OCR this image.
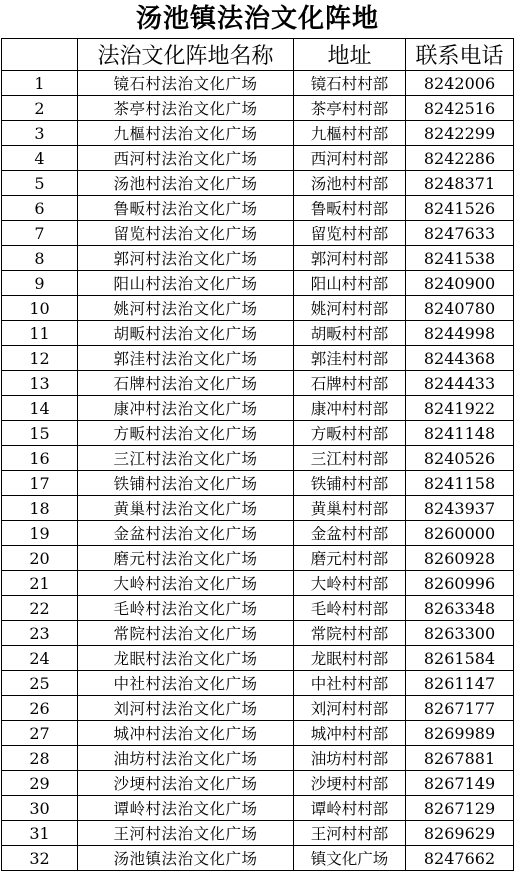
汤池镇法治文化阵地
	法治文化阵地名称	地址	联系电话
1	镜石村法治文化广场	镜石村村部	8242006
2	茶亭村法治文化广场	茶亭村村部	8242516
3	九樞村法治文化广场	九樞村村部	8242299
4	西河村法治文化广场	西河村村部	8242286
5	汤池村法治文化广场	汤池村村部	8248371
6	鲁畈村法治文化广场	鲁畈村村部	8241526
7	留览村法治文化广场	留览村村部	8247633
8	郭河村法治文化广场	郭河村村部	8241538
9	阳山村法治文化广场	阳山村村部	8240900
10	姚河村法治文化广场	姚河村村部	8240780
11	胡畈村法治文化广场	胡畈村村部	8244998
12	郭洼村法治文化广场	郭洼村村部	8244368
13	石牌村法治文化广场	石牌村村部	8244433
14	康冲村法治文化广场	康冲村村部	8241922
15	方畈村法治文化广场	方畈村村部	8241148
16	三江村法治文化广场	三江村村部	8240526
17	铁铺村法治文化广场	铁铺村村部	8241158
18	黄巢村法治文化广场	黄巢村村部	8243937
19	金盆村法治文化广场	金盆村村部	8260000
20	磨元村法治文化广场	磨元村村部	8260928
21	大岭村法治文化广场	大岭村村部	8260996
22	毛岭村法治文化广场	毛岭村村部	8263348
23	常院村法治文化广场	常院村村部	8263300
24	龙眠村法治文化广场	龙眠村村部	8261584
25	中社村法治文化广场	中社村村部	8261147
26	刘河村法治文化广场	刘河村村部	8267177
27	城冲村法治文化广场	城冲村村部	8269989
28	油坊村法治文化广场	油坊村村部	8267881
29	沙埂村法治文化广场	沙埂村村部	8267149
30	谭岭村法治文化广场	谭岭村村部	8267129
31	王河村法治文化广场	王河村村部	8269629
32	汤池镇法治文化广场	镇文化广场	8247662
